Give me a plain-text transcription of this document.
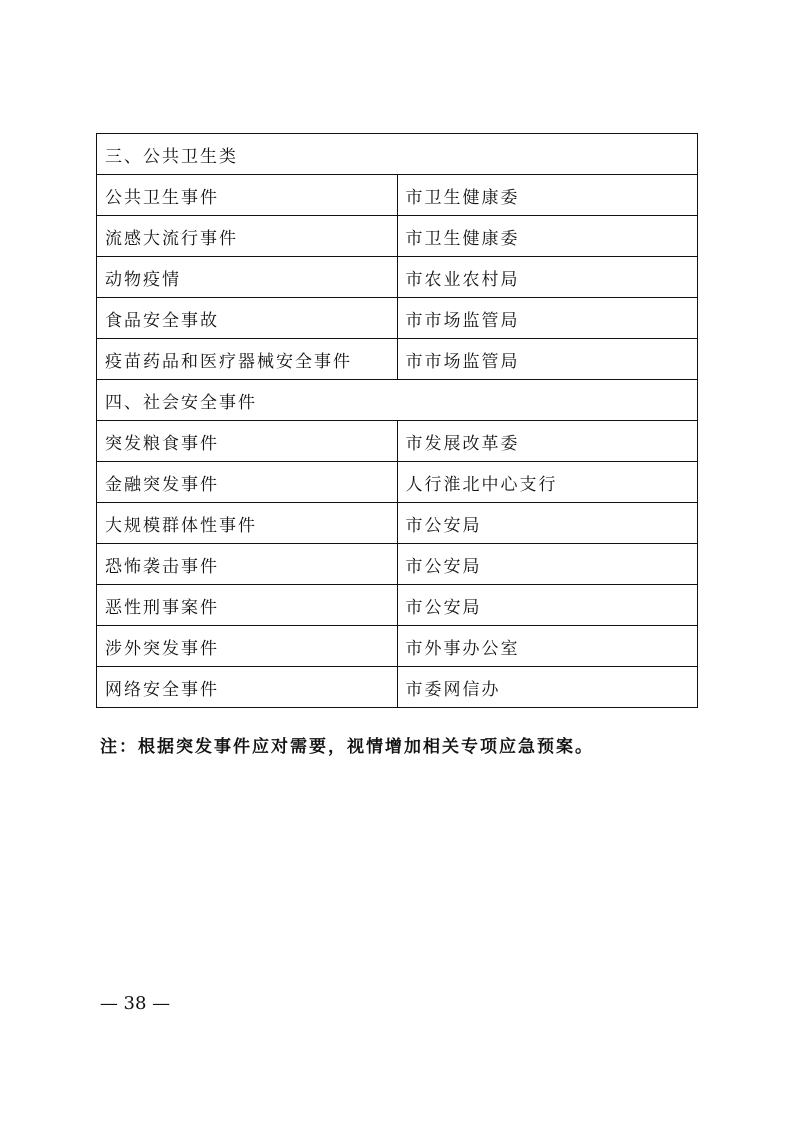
三、公共卫生类	
公共卫生事件	市卫生健康委
流感大流行事件	市卫生健康委
动物疫情	市农业农村局
食品安全事故	市市场监管局
疫苗药品和医疗器械安全事件	市市场监管局
四、社会安全事件	
突发粮食事件	市发展改革委
金融突发事件	人行淮北中心支行
大规模群体性事件	市公安局
恐怖袭击事件	市公安局
恶性刑事案件	市公安局
涉外突发事件	市外事办公室
网络安全事件	市委网信办
注：根据突发事件应对需要，视情增加相关专项应急预案。
— 38 —
